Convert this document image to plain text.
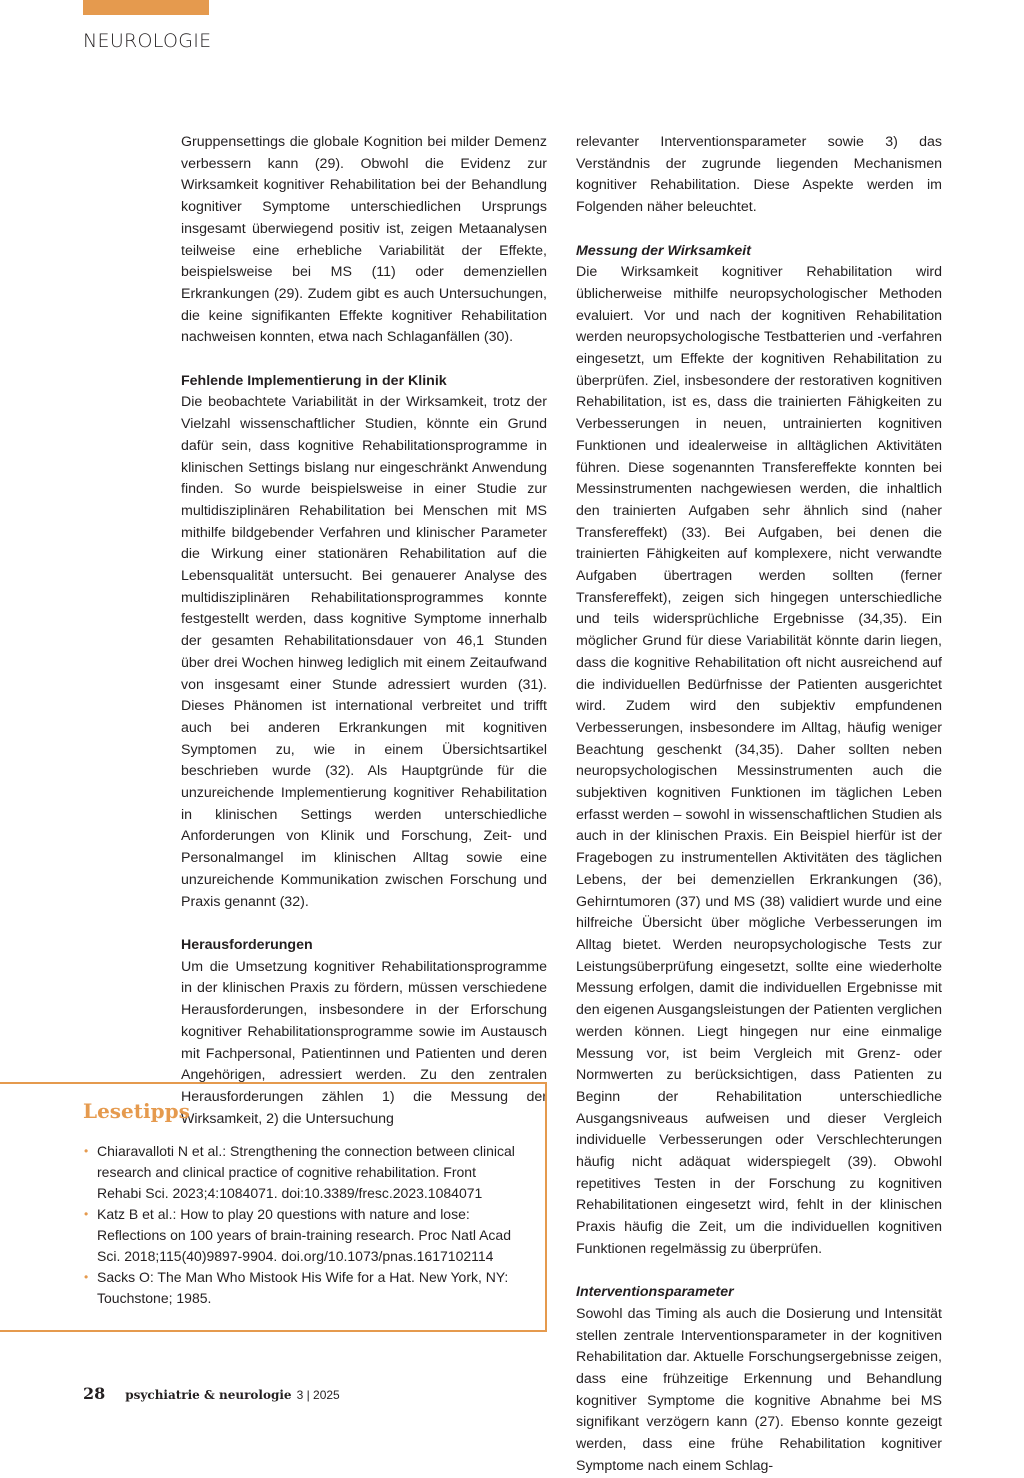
NEUROLOGIE

Gruppensettings die globale Kognition bei milder Demenz verbessern kann (29). Obwohl die Evidenz zur Wirksamkeit kognitiver Rehabilitation bei der Behandlung kognitiver Symptome unterschiedlichen Ursprungs insgesamt überwiegend positiv ist, zeigen Metaanalysen teilweise eine erhebliche Variabilität der Effekte, beispielsweise bei MS (11) oder demenziellen Erkrankungen (29). Zudem gibt es auch Untersuchungen, die keine signifikanten Effekte kognitiver Rehabilitation nachweisen konnten, etwa nach Schlaganfällen (30).

Fehlende Implementierung in der Klinik

Die beobachtete Variabilität in der Wirksamkeit, trotz der Vielzahl wissenschaftlicher Studien, könnte ein Grund dafür sein, dass kognitive Rehabilitationsprogramme in klinischen Settings bislang nur eingeschränkt Anwendung finden. So wurde beispielsweise in einer Studie zur multidisziplinären Rehabilitation bei Menschen mit MS mithilfe bildgebender Verfahren und klinischer Parameter die Wirkung einer stationären Rehabilitation auf die Lebensqualität untersucht. Bei genauerer Analyse des multidisziplinären Rehabilitationsprogrammes konnte festgestellt werden, dass kognitive Symptome innerhalb der gesamten Rehabilitationsdauer von 46,1 Stunden über drei Wochen hinweg lediglich mit einem Zeitaufwand von insgesamt einer Stunde adressiert wurden (31). Dieses Phänomen ist international verbreitet und trifft auch bei anderen Erkrankungen mit kognitiven Symptomen zu, wie in einem Übersichtsartikel beschrieben wurde (32). Als Hauptgründe für die unzureichende Implementierung kognitiver Rehabilitation in klinischen Settings werden unterschiedliche Anforderungen von Klinik und Forschung, Zeit- und Personalmangel im klinischen Alltag sowie eine unzureichende Kommunikation zwischen Forschung und Praxis genannt (32).

Herausforderungen

Um die Umsetzung kognitiver Rehabilitationsprogramme in der klinischen Praxis zu fördern, müssen verschiedene Herausforderungen, insbesondere in der Erforschung kognitiver Rehabilitationsprogramme sowie im Austausch mit Fachpersonal, Patientinnen und Patienten und deren Angehörigen, adressiert werden. Zu den zentralen Herausforderungen zählen 1) die Messung der Wirksamkeit, 2) die Untersuchung

relevanter Interventionsparameter sowie 3) das Verständnis der zugrunde liegenden Mechanismen kognitiver Rehabilitation. Diese Aspekte werden im Folgenden näher beleuchtet.

Messung der Wirksamkeit

Die Wirksamkeit kognitiver Rehabilitation wird üblicherweise mithilfe neuropsychologischer Methoden evaluiert. Vor und nach der kognitiven Rehabilitation werden neuropsychologische Testbatterien und -verfahren eingesetzt, um Effekte der kognitiven Rehabilitation zu überprüfen. Ziel, insbesondere der restorativen kognitiven Rehabilitation, ist es, dass die trainierten Fähigkeiten zu Verbesserungen in neuen, untrainierten kognitiven Funktionen und idealerweise in alltäglichen Aktivitäten führen. Diese sogenannten Transfereffekte konnten bei Messinstrumenten nachgewiesen werden, die inhaltlich den trainierten Aufgaben sehr ähnlich sind (naher Transfereffekt) (33). Bei Aufgaben, bei denen die trainierten Fähigkeiten auf komplexere, nicht verwandte Aufgaben übertragen werden sollten (ferner Transfereffekt), zeigen sich hingegen unterschiedliche und teils widersprüchliche Ergebnisse (34,35). Ein möglicher Grund für diese Variabilität könnte darin liegen, dass die kognitive Rehabilitation oft nicht ausreichend auf die individuellen Bedürfnisse der Patienten ausgerichtet wird. Zudem wird den subjektiv empfundenen Verbesserungen, insbesondere im Alltag, häufig weniger Beachtung geschenkt (34,35). Daher sollten neben neuropsychologischen Messinstrumenten auch die subjektiven kognitiven Funktionen im täglichen Leben erfasst werden – sowohl in wissenschaftlichen Studien als auch in der klinischen Praxis. Ein Beispiel hierfür ist der Fragebogen zu instrumentellen Aktivitäten des täglichen Lebens, der bei demenziellen Erkrankungen (36), Gehirntumoren (37) und MS (38) validiert wurde und eine hilfreiche Übersicht über mögliche Verbesserungen im Alltag bietet. Werden neuropsychologische Tests zur Leistungsüberprüfung eingesetzt, sollte eine wiederholte Messung erfolgen, damit die individuellen Ergebnisse mit den eigenen Ausgangsleistungen der Patienten verglichen werden können. Liegt hingegen nur eine einmalige Messung vor, ist beim Vergleich mit Grenz- oder Normwerten zu berücksichtigen, dass Patienten zu Beginn der Rehabilitation unterschiedliche Ausgangsniveaus aufweisen und dieser Vergleich individuelle Verbesserungen oder Verschlechterungen häufig nicht adäquat widerspiegelt (39). Obwohl repetitives Testen in der Forschung zu kognitiven Rehabilitationen eingesetzt wird, fehlt in der klinischen Praxis häufig die Zeit, um die individuellen kognitiven Funktionen regelmässig zu überprüfen.

Interventionsparameter

Sowohl das Timing als auch die Dosierung und Intensität stellen zentrale Interventionsparameter in der kognitiven Rehabilitation dar. Aktuelle Forschungsergebnisse zeigen, dass eine frühzeitige Erkennung und Behandlung kognitiver Symptome die kognitive Abnahme bei MS signifikant verzögern kann (27). Ebenso konnte gezeigt werden, dass eine frühe Rehabilitation kognitiver Symptome nach einem Schlag-

Lesetipps
• Chiaravalloti N et al.: Strengthening the connection between clinical research and clinical practice of cognitive rehabilitation. Front Rehabi Sci. 2023;4:1084071. doi:10.3389/fresc.2023.1084071
• Katz B et al.: How to play 20 questions with nature and lose: Reflections on 100 years of brain-training research. Proc Natl Acad Sci. 2018;115(40)9897-9904. doi.org/10.1073/pnas.1617102114
• Sacks O: The Man Who Mistook His Wife for a Hat. New York, NY: Touchstone; 1985.
28 psychiatrie & neurologie 3 | 2025
